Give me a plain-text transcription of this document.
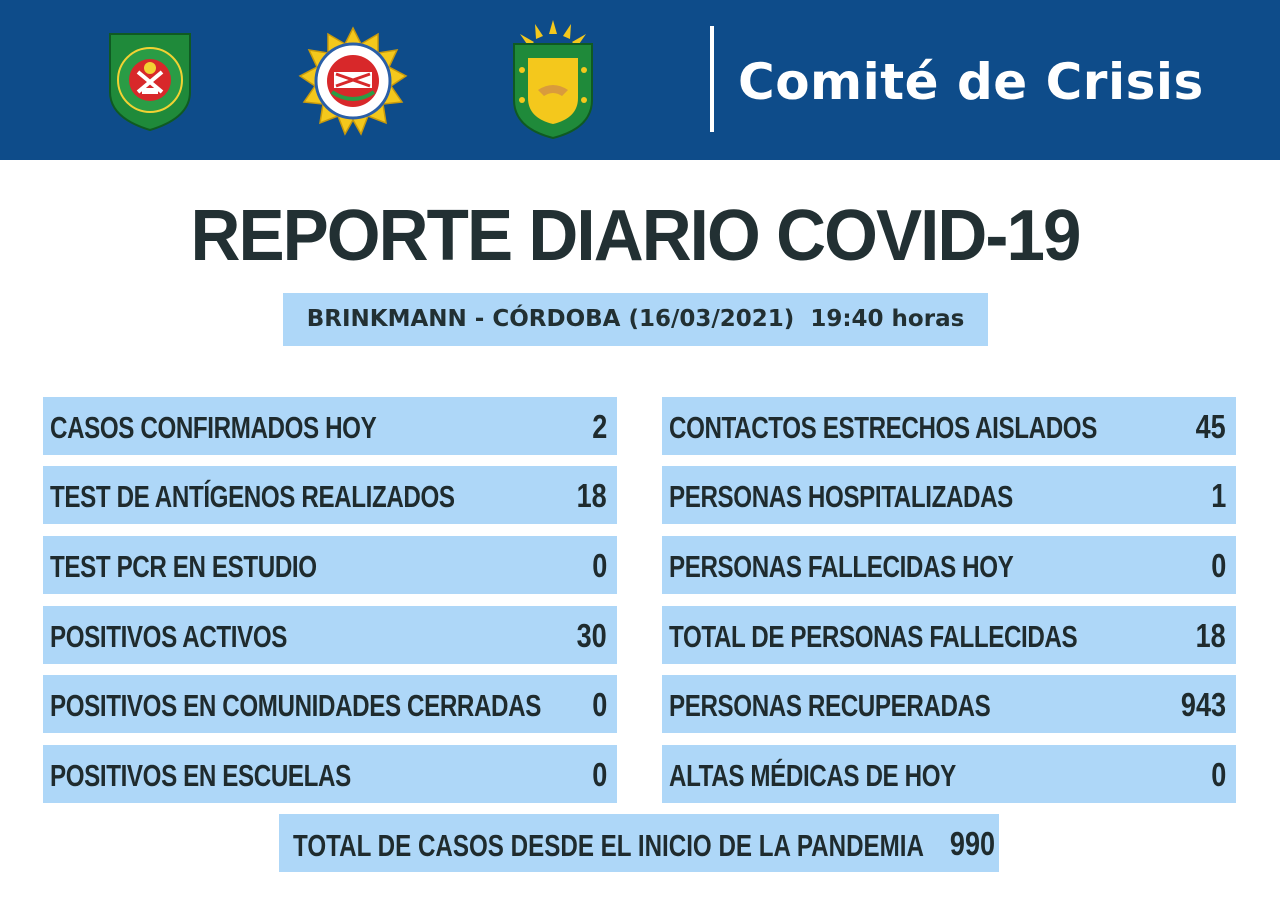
Comité de Crisis
REPORTE DIARIO COVID-19
BRINKMANN - CÓRDOBA (16/03/2021)  19:40 horas
CASOS CONFIRMADOS HOY	2
TEST DE ANTÍGENOS REALIZADOS	18
TEST PCR EN ESTUDIO	0
POSITIVOS ACTIVOS	30
POSITIVOS EN COMUNIDADES CERRADAS 0
POSITIVOS EN ESCUELAS	0
CONTACTOS ESTRECHOS AISLADOS	45
PERSONAS HOSPITALIZADAS	1
PERSONAS FALLECIDAS HOY	0
TOTAL DE PERSONAS FALLECIDAS	18
PERSONAS RECUPERADAS	943
ALTAS MÉDICAS DE HOY	0
TOTAL DE CASOS DESDE EL INICIO DE LA PANDEMIA 990
